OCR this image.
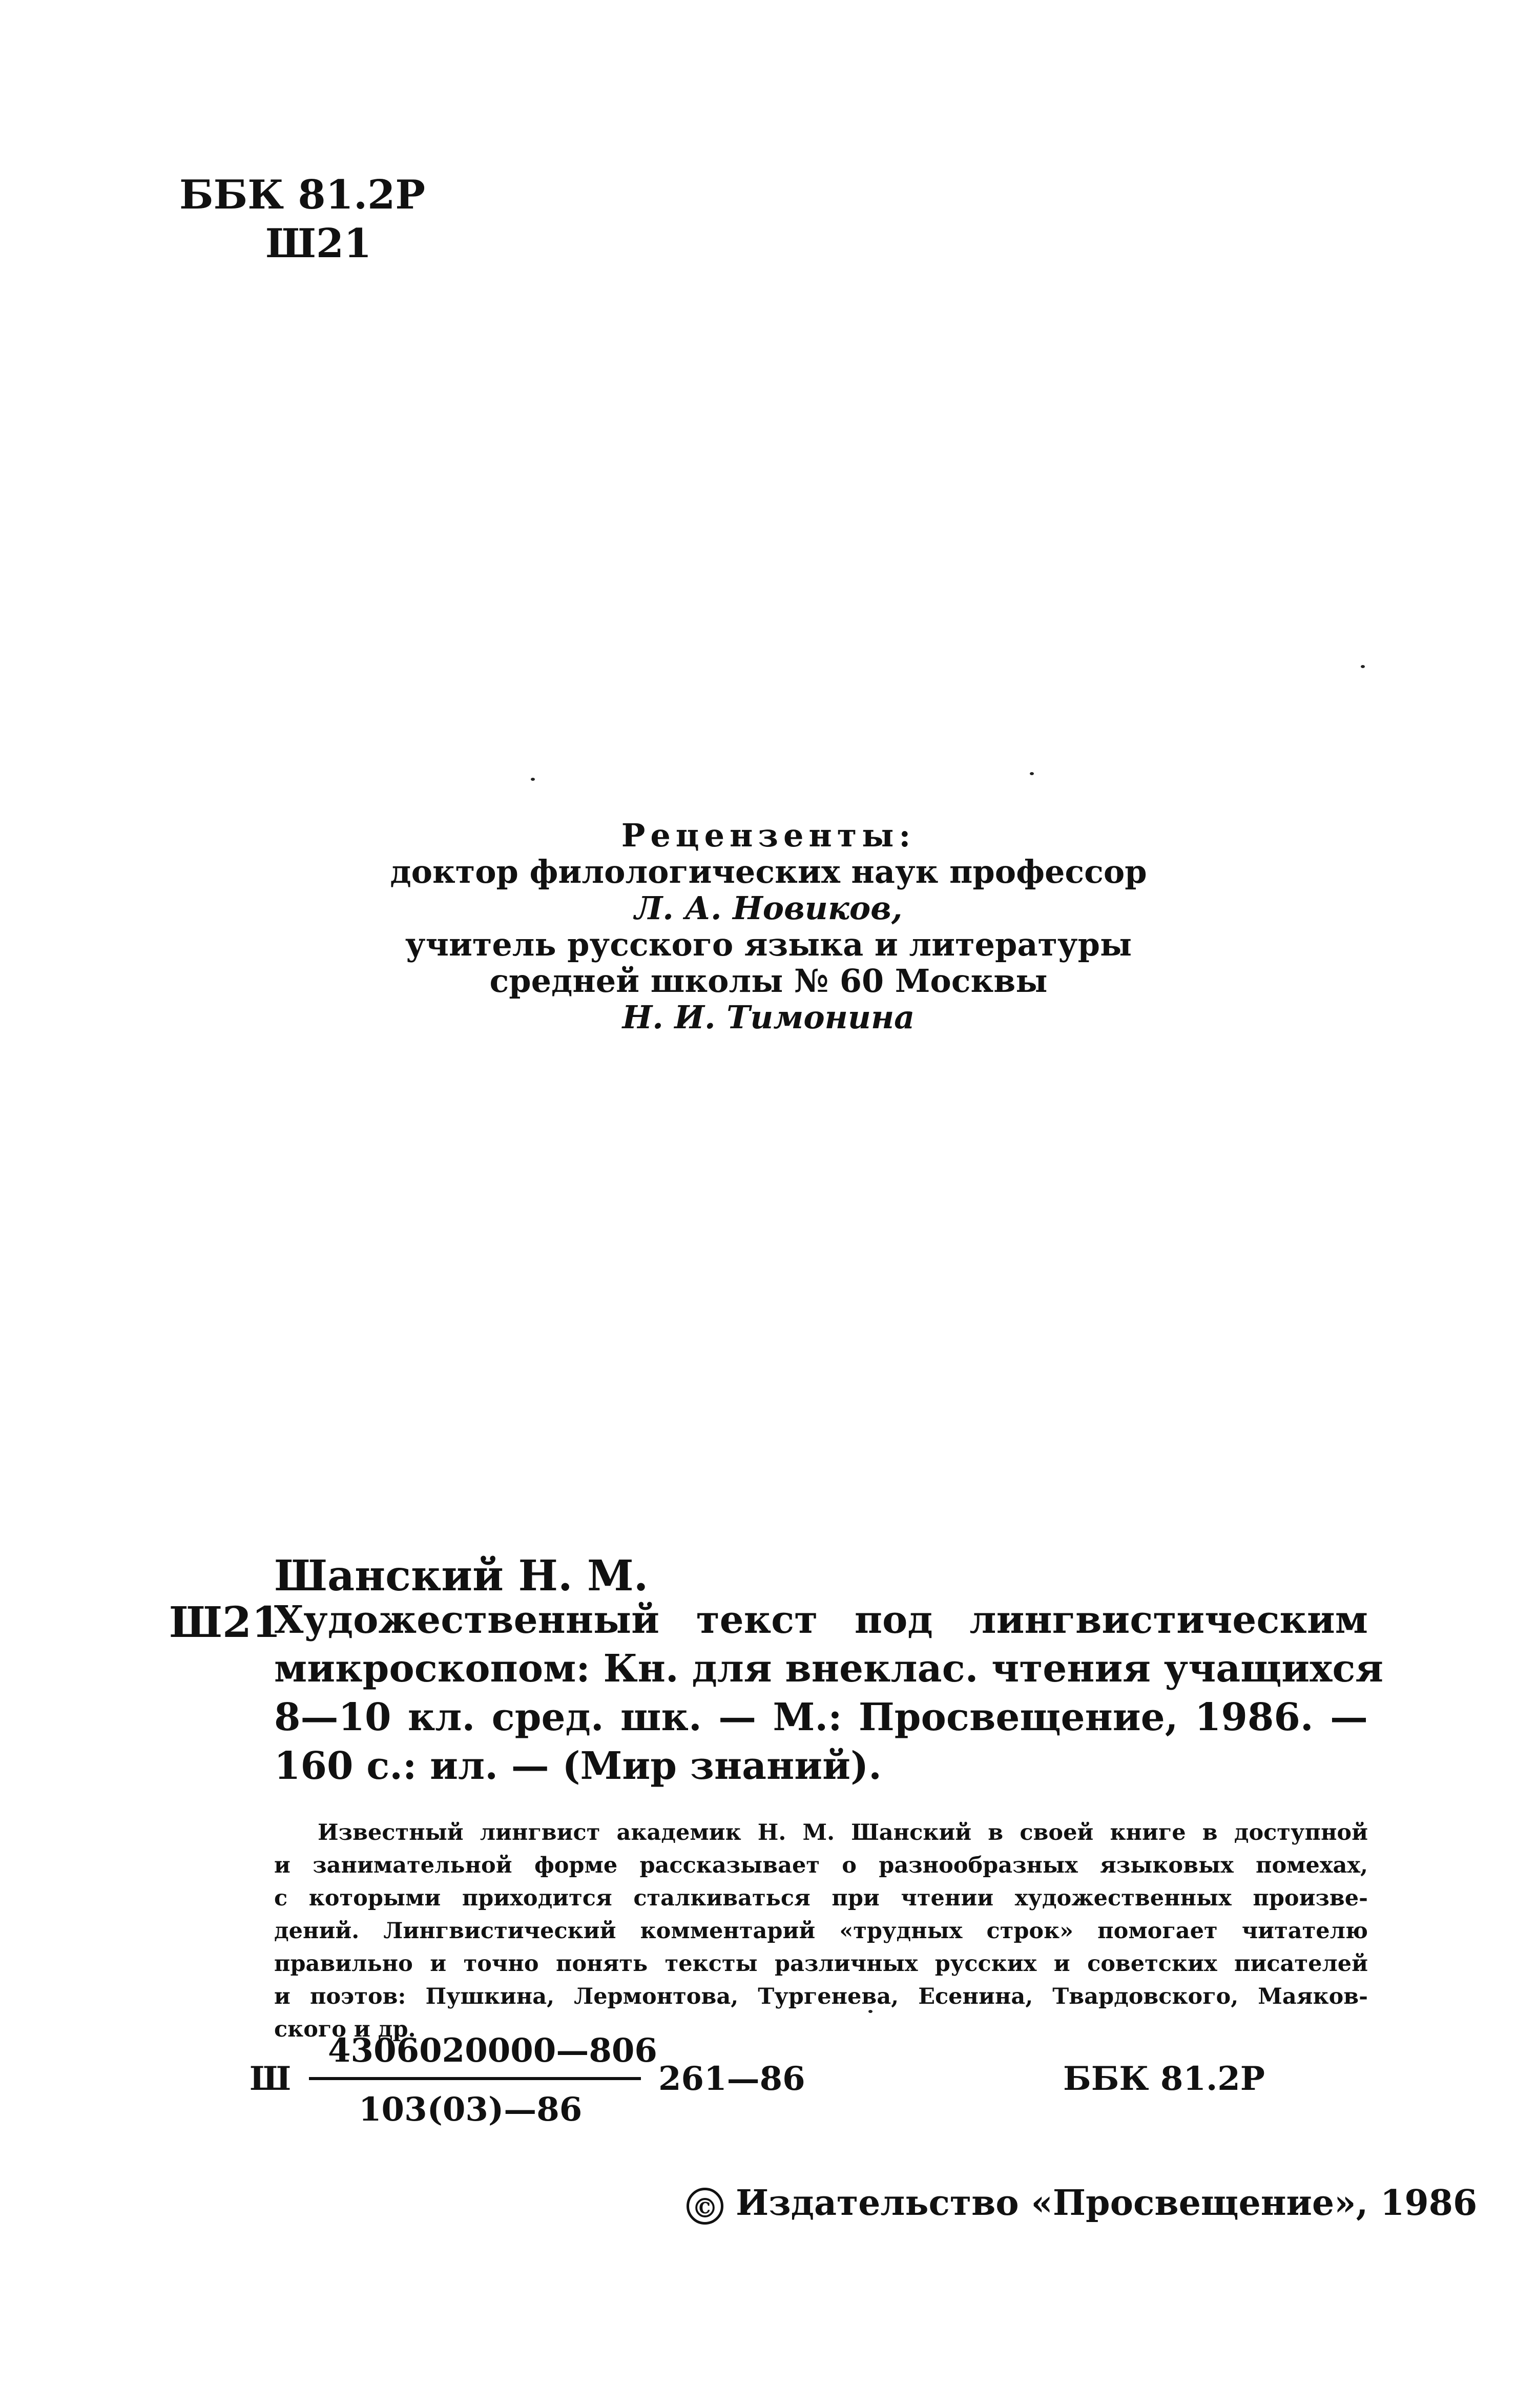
ББК 81.2Р
Ш21
Рецензенты:
доктор филологических наук профессор
Л. А. Новиков,
учитель русского языка и литературы
средней школы № 60 Москвы
Н. И. Тимонина
Шанский Н. М.
Ш21
Художественный текст под лингвистическим
микроскопом: Кн. для внеклас. чтения учащихся
8—10 кл. сред. шк. — М.: Просвещение, 1986. —
160 с.: ил. — (Мир знаний).
Известный лингвист академик Н. М. Шанский в своей книге в доступной
и занимательной форме рассказывает о разнообразных языковых помехах,
с которыми приходится сталкиваться при чтении художественных произве-
дений. Лингвистический комментарий «трудных строк» помогает читателю
правильно и точно понять тексты различных русских и советских писателей
и поэтов: Пушкина, Лермонтова, Тургенева, Есенина, Твардовского, Маяков-
ского и др.
Ш
4306020000—806
103(03)—86
261—86	ББК 81.2Р
© Издательство «Просвещение», 1986
